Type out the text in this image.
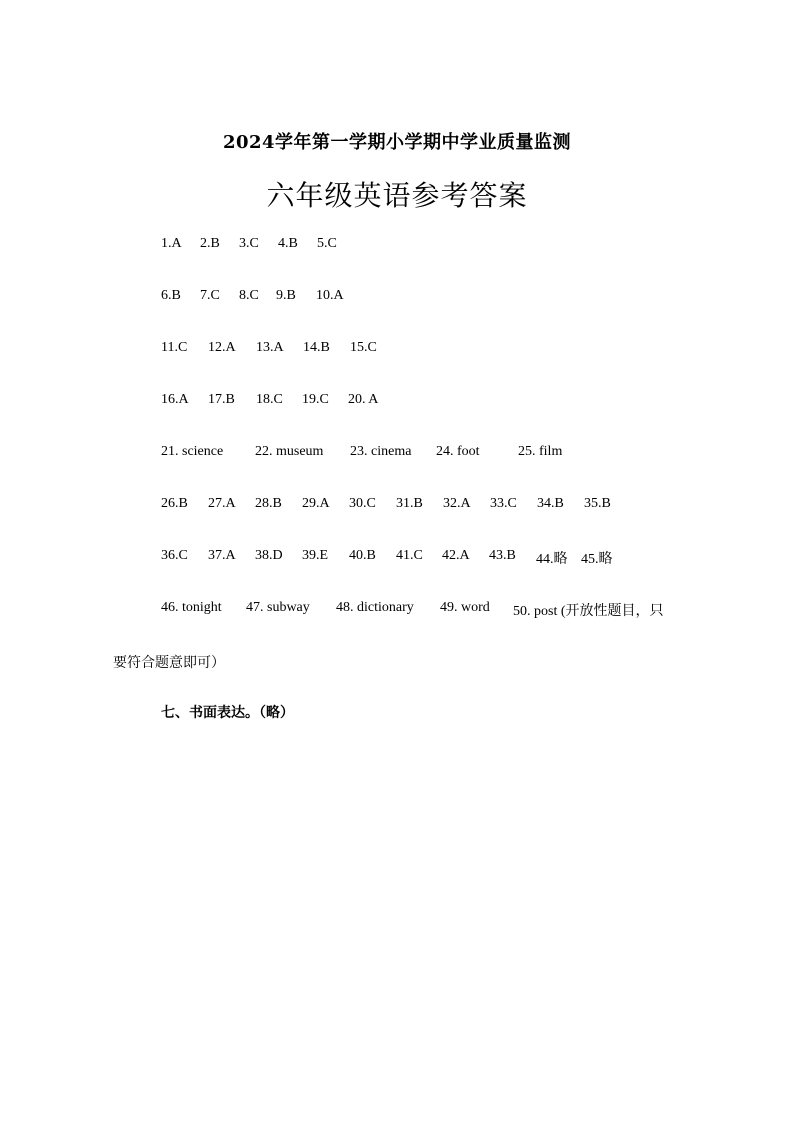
2024学年第一学期小学期中学业质量监测
六年级英语参考答案
1.A 2.B 3.C 4.B 5.C
6.B 7.C 8.C 9.B 10.A
11.C 12.A 13.A 14.B 15.C
16.A 17.B 18.C 19.C 20. A
21. science 22. museum 23. cinema 24. foot	25. film
26.B 27.A 28.B 29.A 30.C 31.B 32.A 33.C 34.B 35.B
36.C 37.A 38.D 39.E 40.B 41.C 42.A 43.B 44.略 45.略
46. tonight 47. subway 48. dictionary 49. word 50. post (开放性题目，只
要符合题意即可）
七、书面表达。（略）
